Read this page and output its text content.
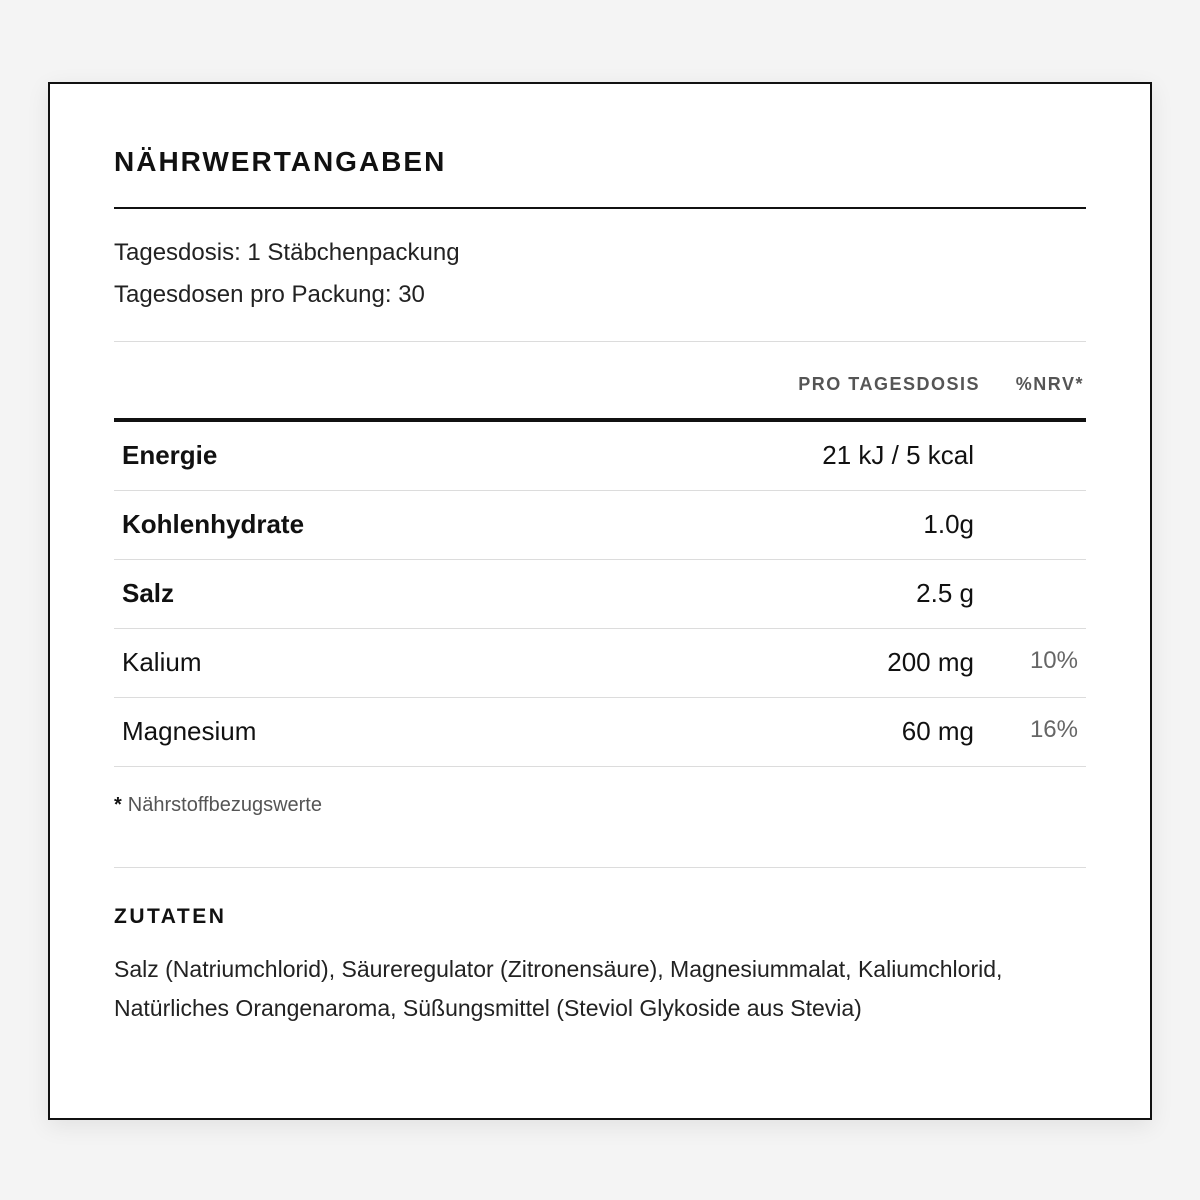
NÄHRWERTANGABEN
Tagesdosis: 1 Stäbchenpackung
Tagesdosen pro Packung: 30
PRO TAGESDOSIS %NRV*
Energie	21 kJ / 5 kcal
Kohlenhydrate	1.0g
Salz	2.5 g
Kalium	200 mg 10%
Magnesium	60 mg 16%
* Nährstoffbezugswerte
ZUTATEN
Salz (Natriumchlorid), Säureregulator (Zitronensäure), Magnesiummalat, Kaliumchlorid, Natürliches Orangenaroma, Süßungsmittel (Steviol Glykoside aus Stevia)
